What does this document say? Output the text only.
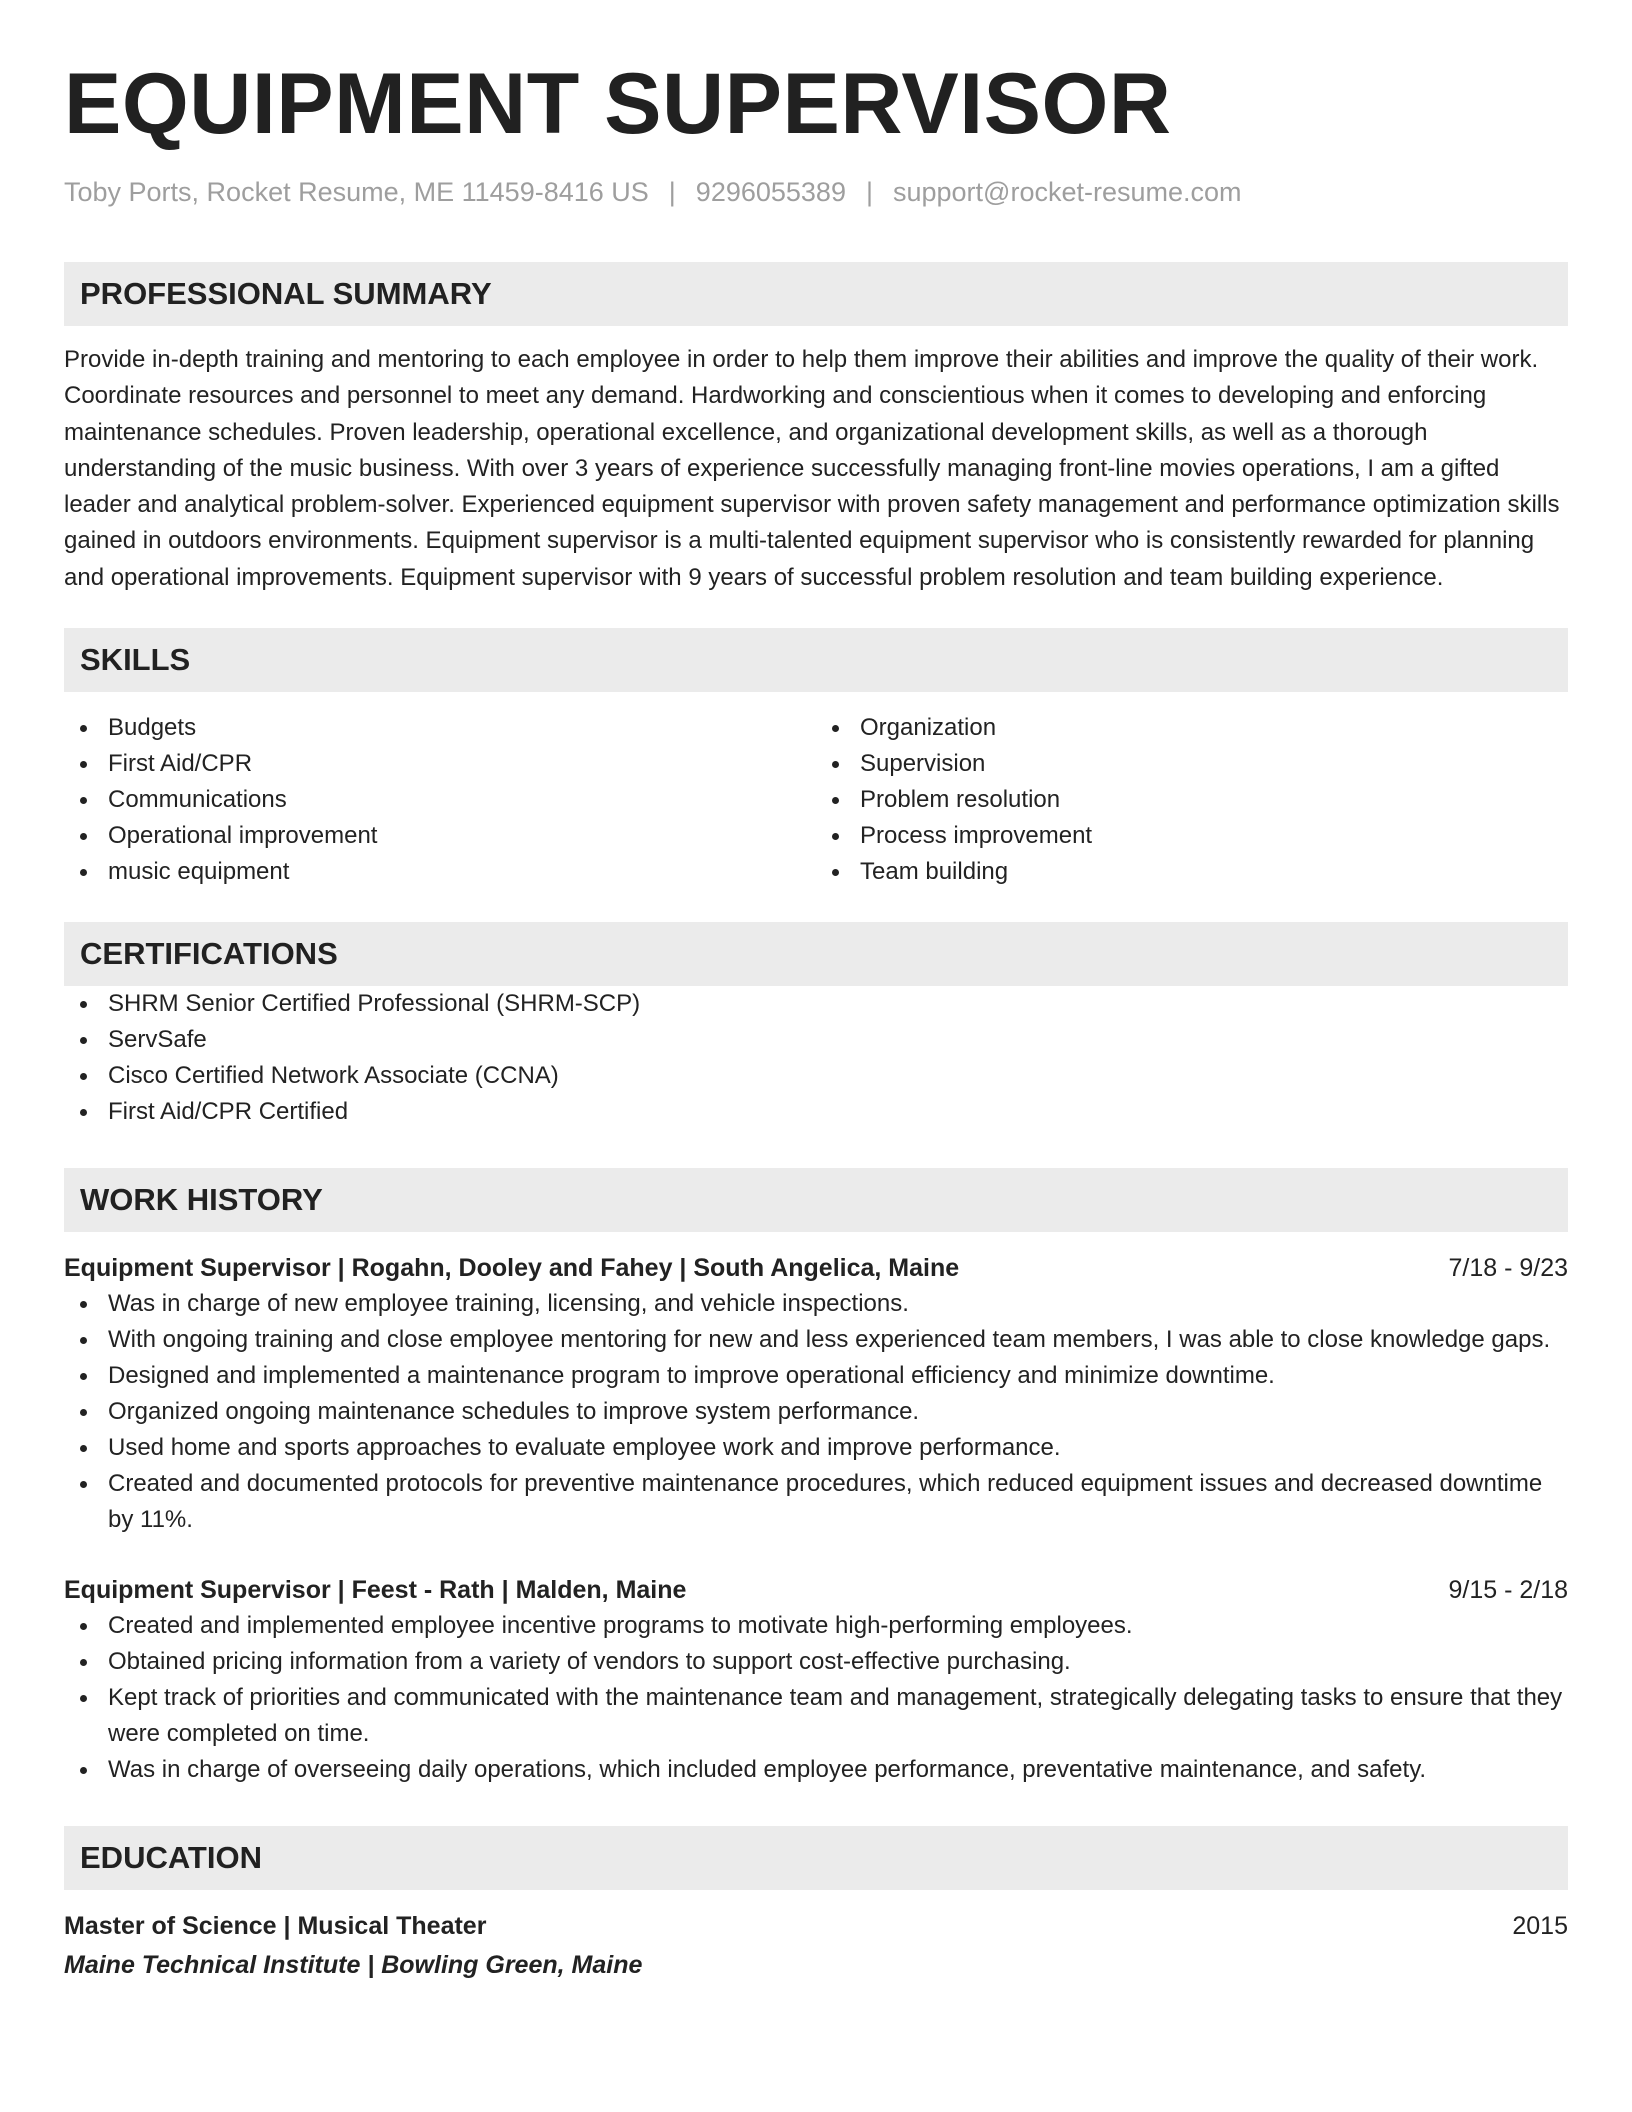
EQUIPMENT SUPERVISOR
Toby Ports, Rocket Resume, ME 11459-8416 US | 9296055389 | support@rocket-resume.com
PROFESSIONAL SUMMARY

Provide in-depth training and mentoring to each employee in order to help them improve their abilities and improve the quality of their work. Coordinate resources and personnel to meet any demand. Hardworking and conscientious when it comes to developing and enforcing maintenance schedules. Proven leadership, operational excellence, and organizational development skills, as well as a thorough understanding of the music business. With over 3 years of experience successfully managing front-line movies operations, I am a gifted leader and analytical problem-solver. Experienced equipment supervisor with proven safety management and performance optimization skills gained in outdoors environments. Equipment supervisor is a multi-talented equipment supervisor who is consistently rewarded for planning and operational improvements. Equipment supervisor with 9 years of successful problem resolution and team building experience.

SKILLS
Budgets
First Aid/CPR
Communications
Operational improvement
music equipment
Organization
Supervision
Problem resolution
Process improvement
Team building
CERTIFICATIONS
SHRM Senior Certified Professional (SHRM-SCP)
ServSafe
Cisco Certified Network Associate (CCNA)
First Aid/CPR Certified
WORK HISTORY
Equipment Supervisor | Rogahn, Dooley and Fahey | South Angelica, Maine	7/18 - 9/23
Was in charge of new employee training, licensing, and vehicle inspections.
With ongoing training and close employee mentoring for new and less experienced team members, I was able to close knowledge gaps.
Designed and implemented a maintenance program to improve operational efficiency and minimize downtime.
Organized ongoing maintenance schedules to improve system performance.
Used home and sports approaches to evaluate employee work and improve performance.
Created and documented protocols for preventive maintenance procedures, which reduced equipment issues and decreased downtime by 11%.
Equipment Supervisor | Feest - Rath | Malden, Maine	9/15 - 2/18
Created and implemented employee incentive programs to motivate high-performing employees.
Obtained pricing information from a variety of vendors to support cost-effective purchasing.
Kept track of priorities and communicated with the maintenance team and management, strategically delegating tasks to ensure that they were completed on time.
Was in charge of overseeing daily operations, which included employee performance, preventative maintenance, and safety.
EDUCATION
Master of Science | Musical Theater	2015
Maine Technical Institute | Bowling Green, Maine
